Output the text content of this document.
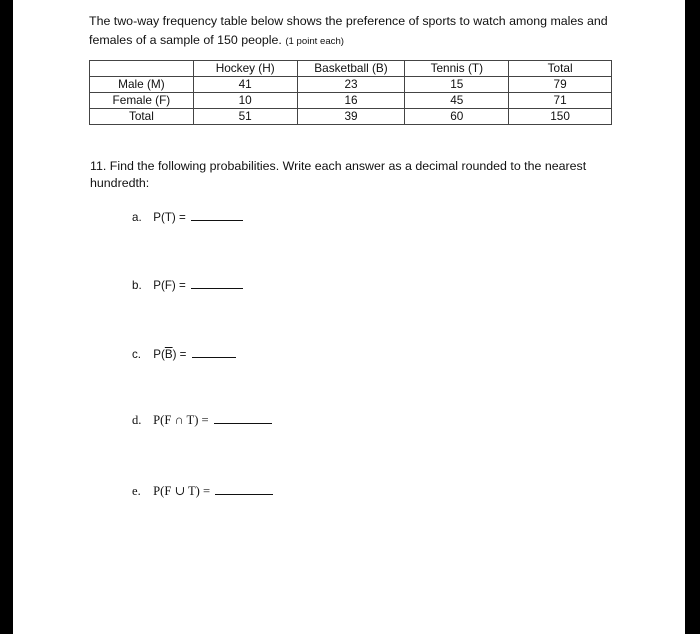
The two-way frequency table below shows the preference of sports to watch among males and females of a sample of 150 people. (1 point each)
	Hockey (H)	Basketball (B)	Tennis (T)	Total
Male (M)	41	23	15	79
Female (F)	10	16	45	71
Total	51	39	60	150
11. Find the following probabilities. Write each answer as a decimal rounded to the nearest hundredth:
a. P(T) =
b. P(F) =
c. $P(\overline{B})$ =
d. P(F ∩ T) =
e. P(F ∪ T) =
